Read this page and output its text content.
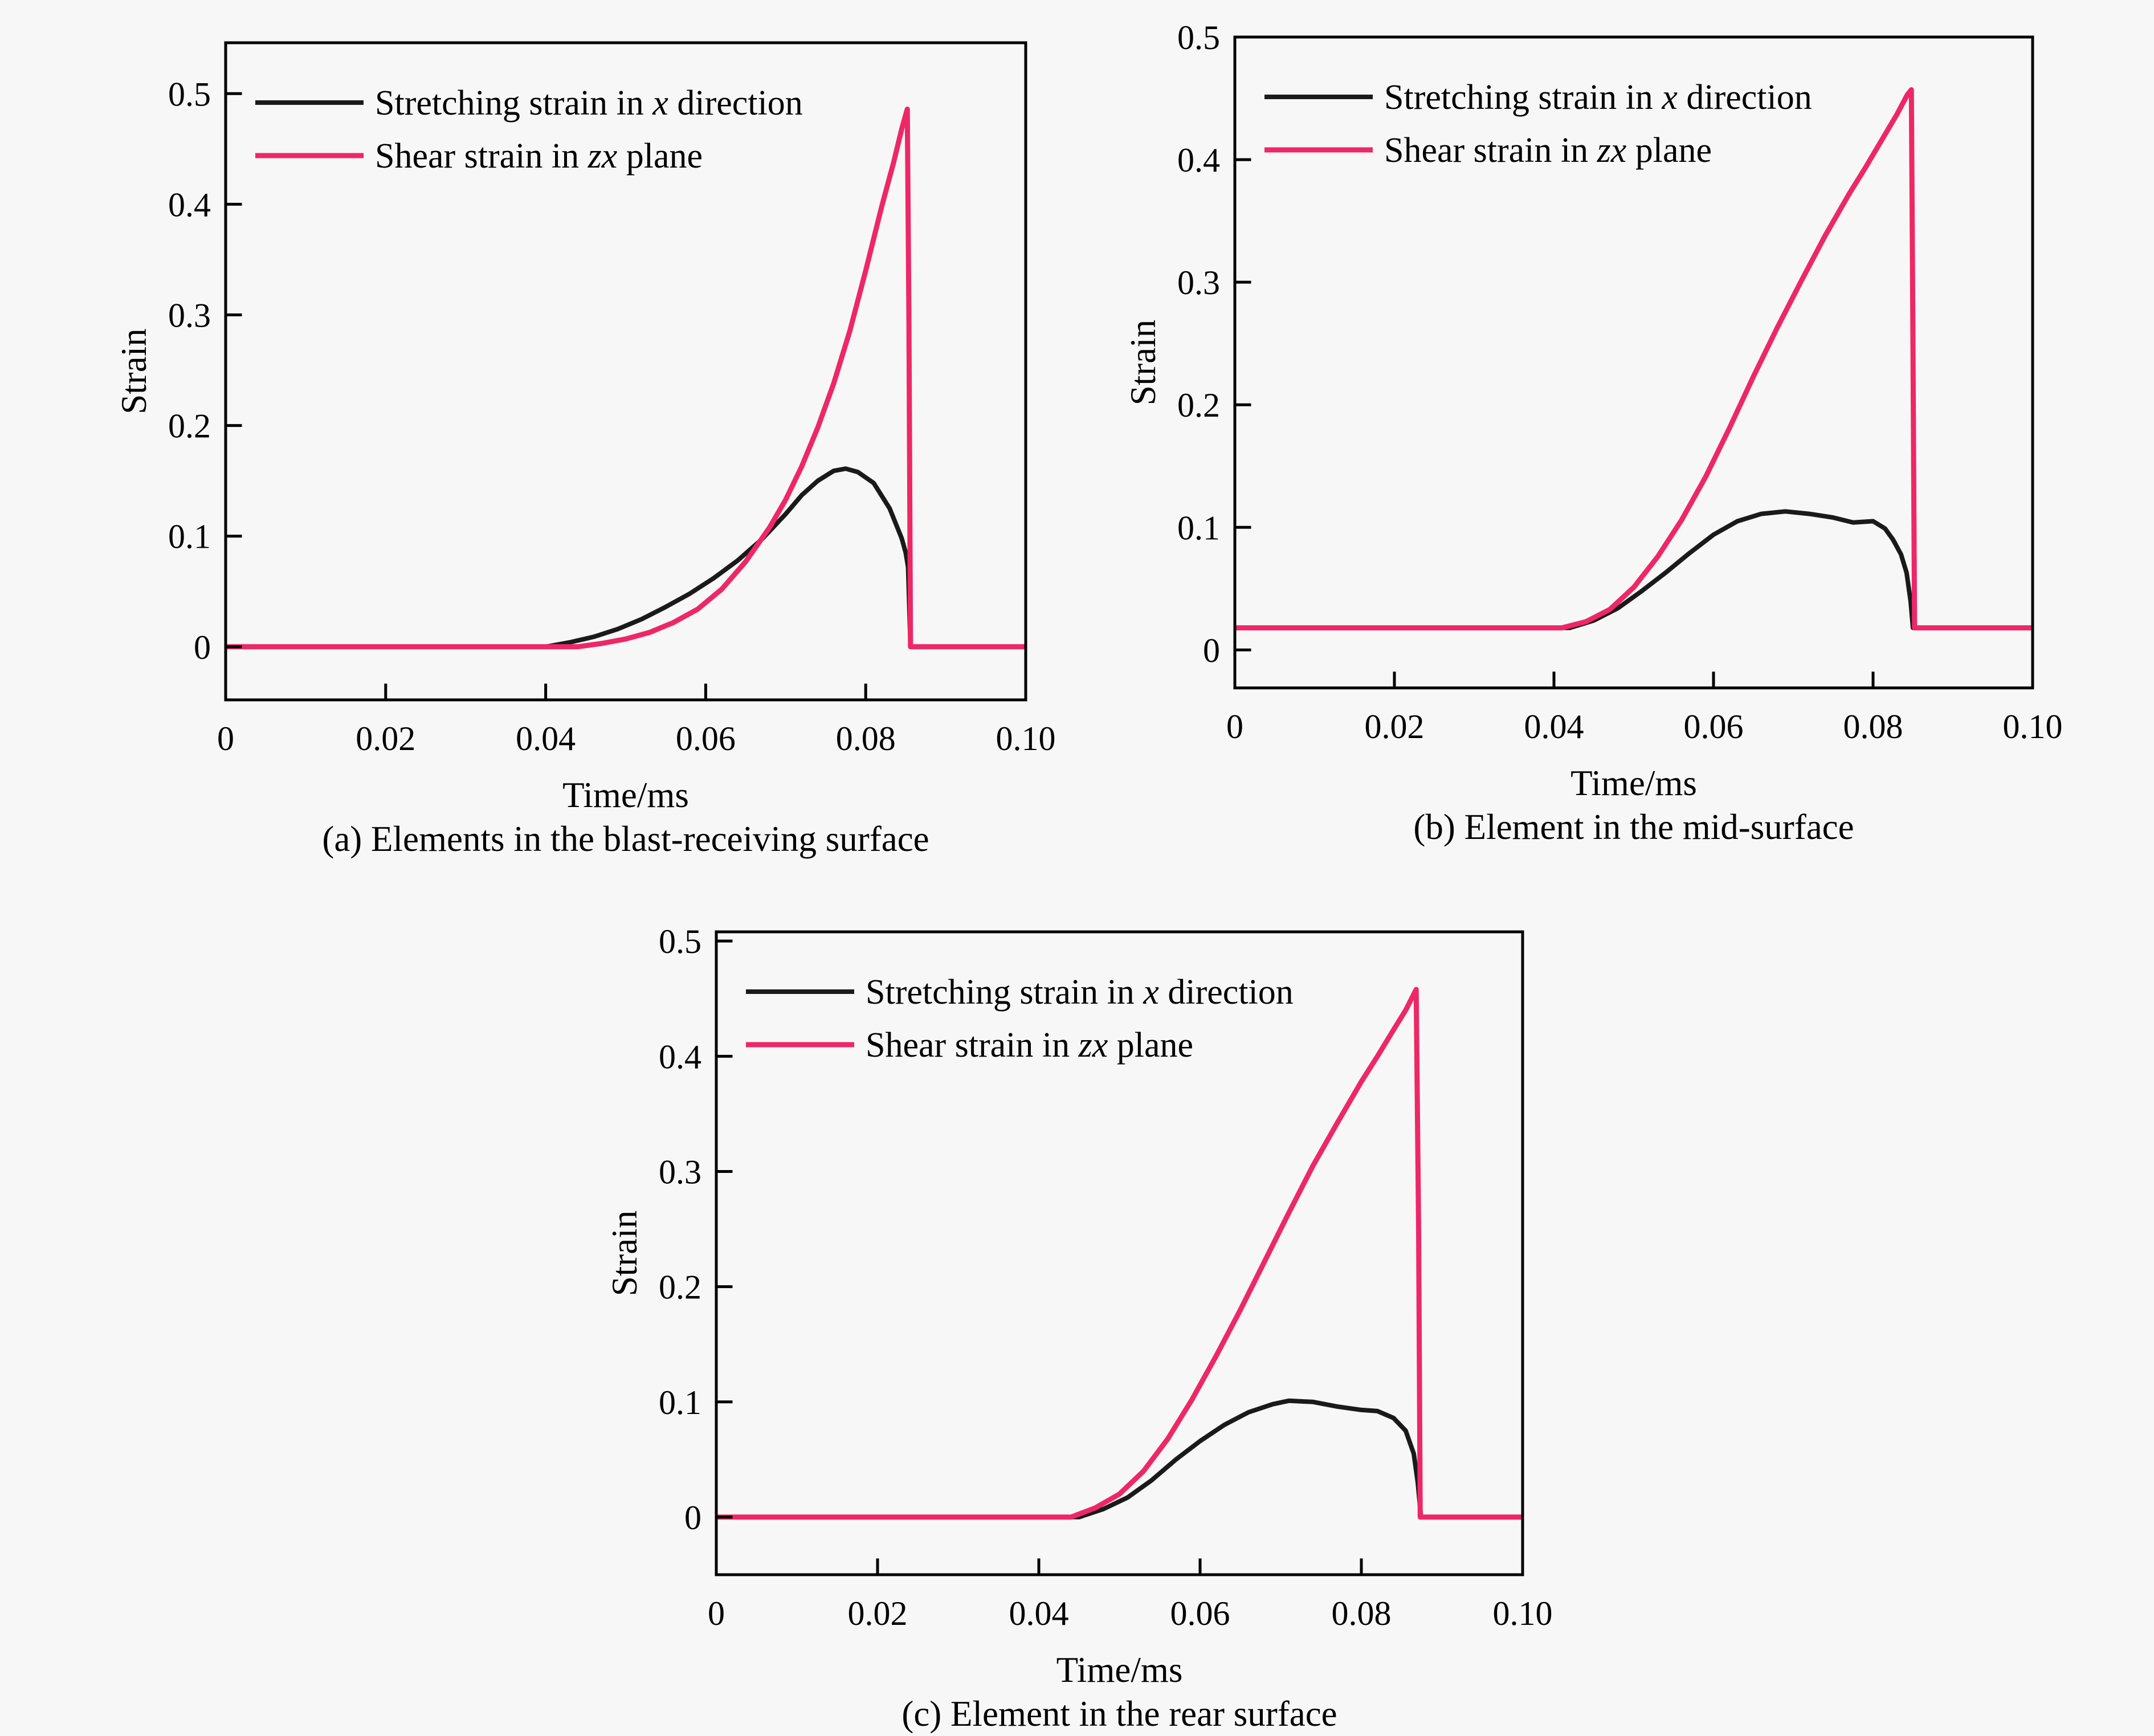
0
0.1
0.2
0.3
0.4
0.5
0	0.02	0.04	0.06	0.08	0.10
Strain
Time/ms
(a) Elements in the blast-receiving surface
Stretching strain in x direction
Shear strain in zx plane
0
0.1
0.2
0.3
0.4
0.5
0	0.02	0.04	0.06	0.08	0.10
Strain
Time/ms
(b) Element in the mid-surface
Stretching strain in x direction
Shear strain in zx plane
0
0.1
0.2
0.3
0.4
0.5
0	0.02	0.04	0.06	0.08	0.10
Strain
Time/ms
(c) Element in the rear surface
Stretching strain in x direction
Shear strain in zx plane
